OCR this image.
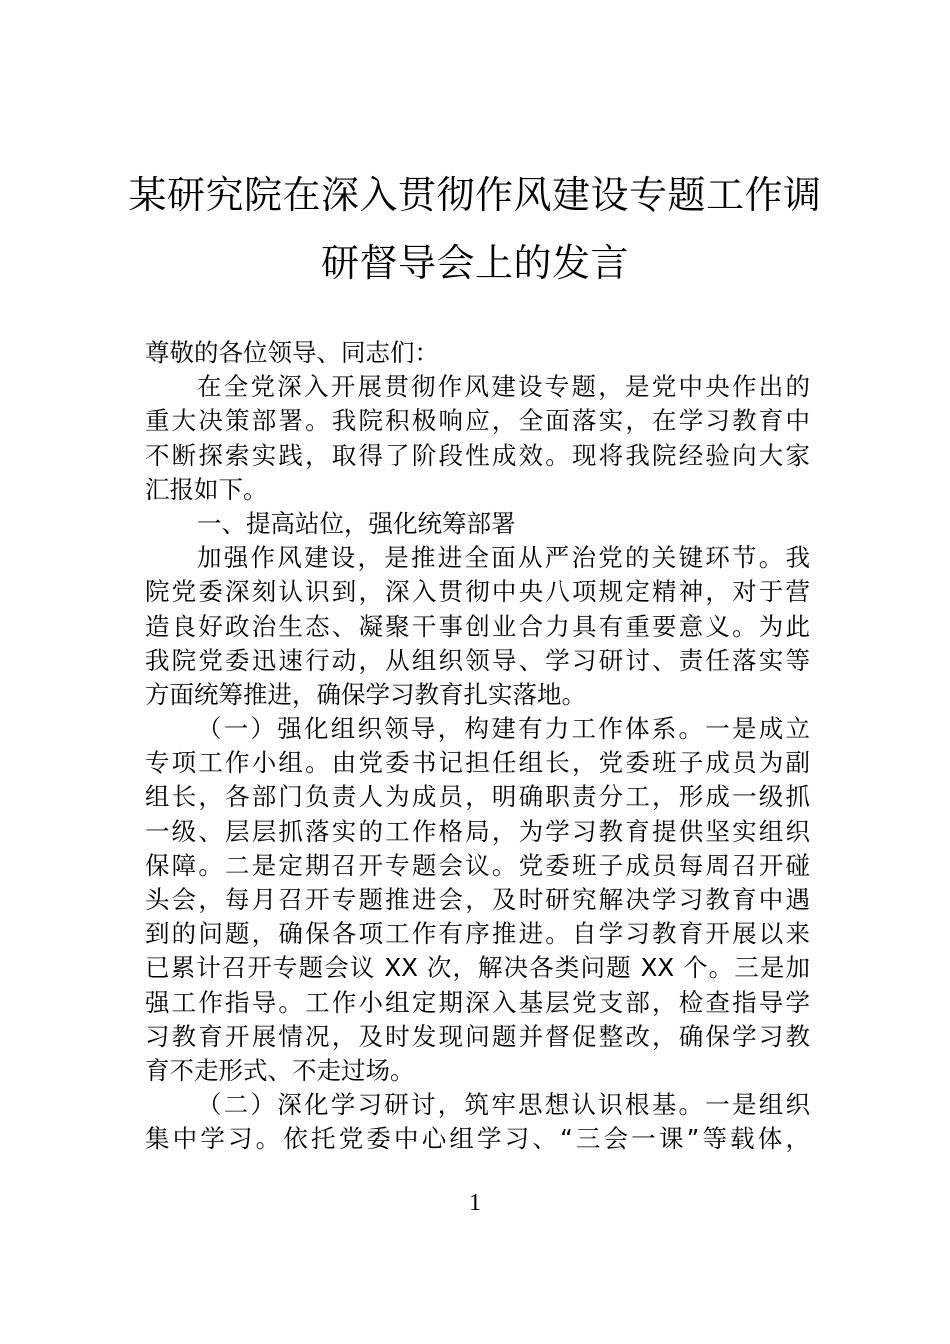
某研究院在深入贯彻作风建设专题工作调
研督导会上的发言
尊敬的各位领导、同志们：
在全党深入开展贯彻作风建设专题，是党中央作出的
重大决策部署。我院积极响应，全面落实，在学习教育中
不断探索实践，取得了阶段性成效。现将我院经验向大家
汇报如下。
一、提高站位，强化统筹部署
加强作风建设，是推进全面从严治党的关键环节。我
院党委深刻认识到，深入贯彻中央八项规定精神，对于营
造良好政治生态、凝聚干事创业合力具有重要意义。为此
我院党委迅速行动，从组织领导、学习研讨、责任落实等
方面统筹推进，确保学习教育扎实落地。
（一）强化组织领导，构建有力工作体系。一是成立
专项工作小组。由党委书记担任组长，党委班子成员为副
组长，各部门负责人为成员，明确职责分工，形成一级抓
一级、层层抓落实的工作格局，为学习教育提供坚实组织
保障。二是定期召开专题会议。党委班子成员每周召开碰
头会，每月召开专题推进会，及时研究解决学习教育中遇
到的问题，确保各项工作有序推进。自学习教育开展以来
已累计召开专题会议 XX 次，解决各类问题 XX 个。三是加
强工作指导。工作小组定期深入基层党支部，检查指导学
习教育开展情况，及时发现问题并督促整改，确保学习教
育不走形式、不走过场。
（二）深化学习研讨，筑牢思想认识根基。一是组织
集中学习。依托党委中心组学习、“三会一课”等载体，
1
